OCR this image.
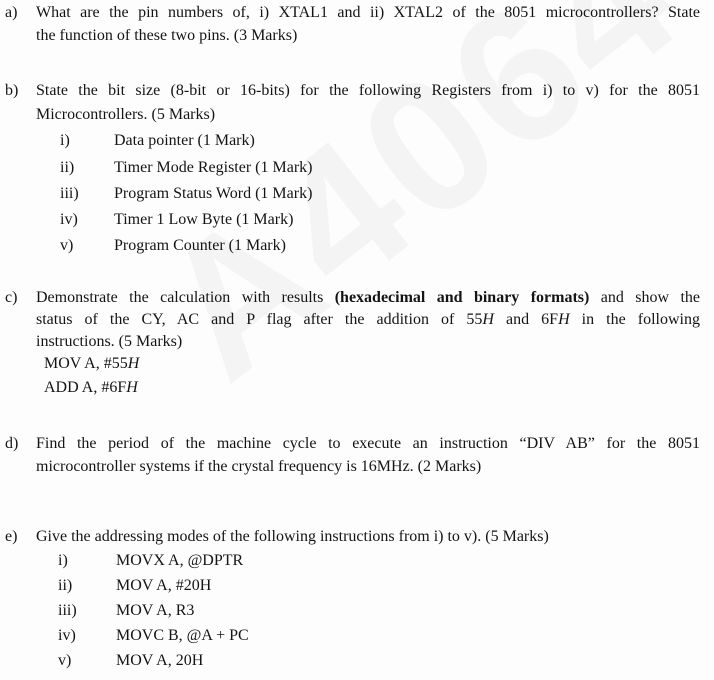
a) What are the pin numbers of, i) XTAL1 and ii) XTAL2 of the 8051 microcontrollers? State
the function of these two pins. (3 Marks)
b) State the bit size (8-bit or 16-bits) for the following Registers from i) to v) for the 8051
Microcontrollers. (5 Marks)
i)	Data pointer (1 Mark)
ii)	Timer Mode Register (1 Mark)
iii)	Program Status Word (1 Mark)
iv)	Timer 1 Low Byte (1 Mark)
v)	Program Counter (1 Mark)
c) Demonstrate the calculation with results (hexadecimal and binary formats) and show the
status of the CY, AC and P flag after the addition of 55H and 6FH in the following
instructions. (5 Marks)
MOV A, #55H
ADD A, #6FH
d) Find the period of the machine cycle to execute an instruction “DIV AB” for the 8051
microcontroller systems if the crystal frequency is 16MHz. (2 Marks)
e) Give the addressing modes of the following instructions from i) to v). (5 Marks)
i)	MOVX A, @DPTR
ii)	MOV A, #20H
iii)	MOV A, R3
iv)	MOVC B, @A + PC
v)	MOV A, 20H
